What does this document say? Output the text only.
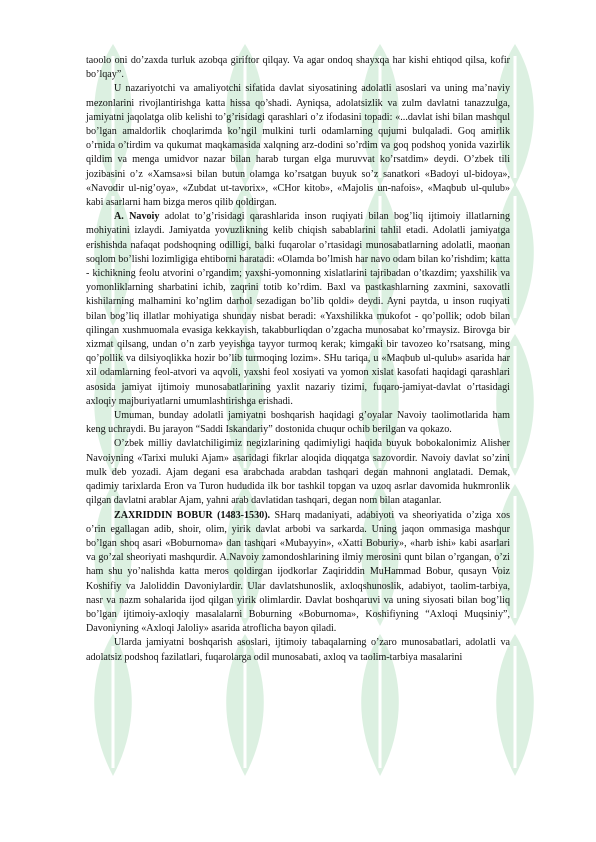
taoolo oni do’zaxda turluk azobqa giriftor qilqay. Va agar ondoq shayxqa har kishi ehtiqod qilsa, kofir bo’lqay”.

U nazariyotchi va amaliyotchi sifatida davlat siyosatining adolatli asoslari va uning ma’naviy mezonlarini rivojlantirishga katta hissa qo’shadi. Ayniqsa, adolatsizlik va zulm davlatni tanazzulga, jamiyatni jaqolatga olib kelishi to’g’risidagi qarashlari o’z ifodasini topadi: «...davlat ishi bilan mashqul bo’lgan amaldorlik choqlarimda ko’ngil mulkini turli odamlarning qujumi bulqaladi. Goq amirlik o’rnida o’tirdim va qukumat maqkamasida xalqning arz-dodini so’rdim va goq podshoq yonida vazirlik qildim va menga umidvor nazar bilan harab turgan elga muruvvat ko’rsatdim» deydi. O’zbek tili jozibasini o’z «Xamsa»si bilan butun olamga ko’rsatgan buyuk so’z sanatkori «Badoyi ul-bidoya», «Navodir ul-nig’oya», «Zubdat ut-tavorix», «CHor kitob», «Majolis un-nafois», «Maqbub ul-qulub» kabi asarlarni ham bizga meros qilib qoldirgan.

A. Navoiy adolat to’g’risidagi qarashlarida inson ruqiyati bilan bog’liq ijtimoiy illatlarning mohiyatini izlaydi. Jamiyatda yovuzlikning kelib chiqish sabablarini tahlil etadi. Adolatli jamiyatga erishishda nafaqat podshoqning odilligi, balki fuqarolar o’rtasidagi munosabatlarning adolatli, maonan soqlom bo’lishi lozimligiga ehtiborni haratadi: «Olamda bo’lmish har navo odam bilan ko’rishdim; katta - kichikning feolu atvorini o’rgandim; yaxshi-yomonning xislatlarini tajribadan o’tkazdim; yaxshilik va yomonliklarning sharbatini ichib, zaqrini totib ko’rdim. Baxl va pastkashlarning zaxmini, saxovatli kishilarning malhamini ko’nglim darhol sezadigan bo’lib qoldi» deydi. Ayni paytda, u inson ruqiyati bilan bog’liq illatlar mohiyatiga shunday nisbat beradi: «Yaxshilikka mukofot - qo’pollik; odob bilan qilingan xushmuomala evasiga kekkayish, takabburliqdan o’zgacha munosabat ko’rmaysiz. Birovga bir xizmat qilsang, undan o’n zarb yeyishga tayyor turmoq kerak; kimgaki bir tavozeo ko’rsatsang, ming qo’pollik va dilsiyoqlikka hozir bo’lib turmoqing lozim». SHu tariqa, u «Maqbub ul-qulub» asarida har xil odamlarning feol-atvori va aqvoli, yaxshi feol xosiyati va yomon xislat kasofati haqidagi qarashlari asosida jamiyat ijtimoiy munosabatlarining yaxlit nazariy tizimi, fuqaro-jamiyat-davlat o’rtasidagi axloqiy majburiyatlarni umumlashtirishga erishadi.

Umuman, bunday adolatli jamiyatni boshqarish haqidagi g’oyalar Navoiy taolimotlarida ham keng uchraydi. Bu jarayon “Saddi Iskandariy” dostonida chuqur ochib berilgan va qokazo.

O’zbek milliy davlatchiligimiz negizlarining qadimiyligi haqida buyuk bobokalonimiz Alisher Navoiyning «Tarixi muluki Ajam» asaridagi fikrlar aloqida diqqatga sazovordir. Navoiy davlat so’zini mulk deb yozadi. Ajam degani esa arabchada arabdan tashqari degan mahnoni anglatadi. Demak, qadimiy tarixlarda Eron va Turon hududida ilk bor tashkil topgan va uzoq asrlar davomida hukmronlik qilgan davlatni arablar Ajam, yahni arab davlatidan tashqari, degan nom bilan ataganlar.

ZAXRIDDIN BOBUR (1483-1530). SHarq madaniyati, adabiyoti va sheoriyatida o’ziga xos o’rin egallagan adib, shoir, olim, yirik davlat arbobi va sarkarda. Uning jaqon ommasiga mashqur bo’lgan shoq asari «Boburnoma» dan tashqari «Mubayyin», «Xatti Boburiy», «harb ishi» kabi asarlari va go’zal sheoriyati mashqurdir. A.Navoiy zamondoshlarining ilmiy merosini qunt bilan o’rgangan, o’zi ham shu yo’nalishda katta meros qoldirgan ijodkorlar Zaqiriddin MuHammad Bobur, qusayn Voiz Koshifiy va Jaloliddin Davoniylardir. Ular davlatshunoslik, axloqshunoslik, adabiyot, taolim-tarbiya, nasr va nazm sohalarida ijod qilgan yirik olimlardir. Davlat boshqaruvi va uning siyosati bilan bog’liq bo’lgan ijtimoiy-axloqiy masalalarni Boburning «Boburnoma», Koshifiyning “Axloqi Muqsiniy”, Davoniyning «Axloqi Jaloliy» asarida atroflicha bayon qiladi.

Ularda jamiyatni boshqarish asoslari, ijtimoiy tabaqalarning o’zaro munosabatlari, adolatli va adolatsiz podshoq fazilatlari, fuqarolarga odil munosabati, axloq va taolim-tarbiya masalarini
